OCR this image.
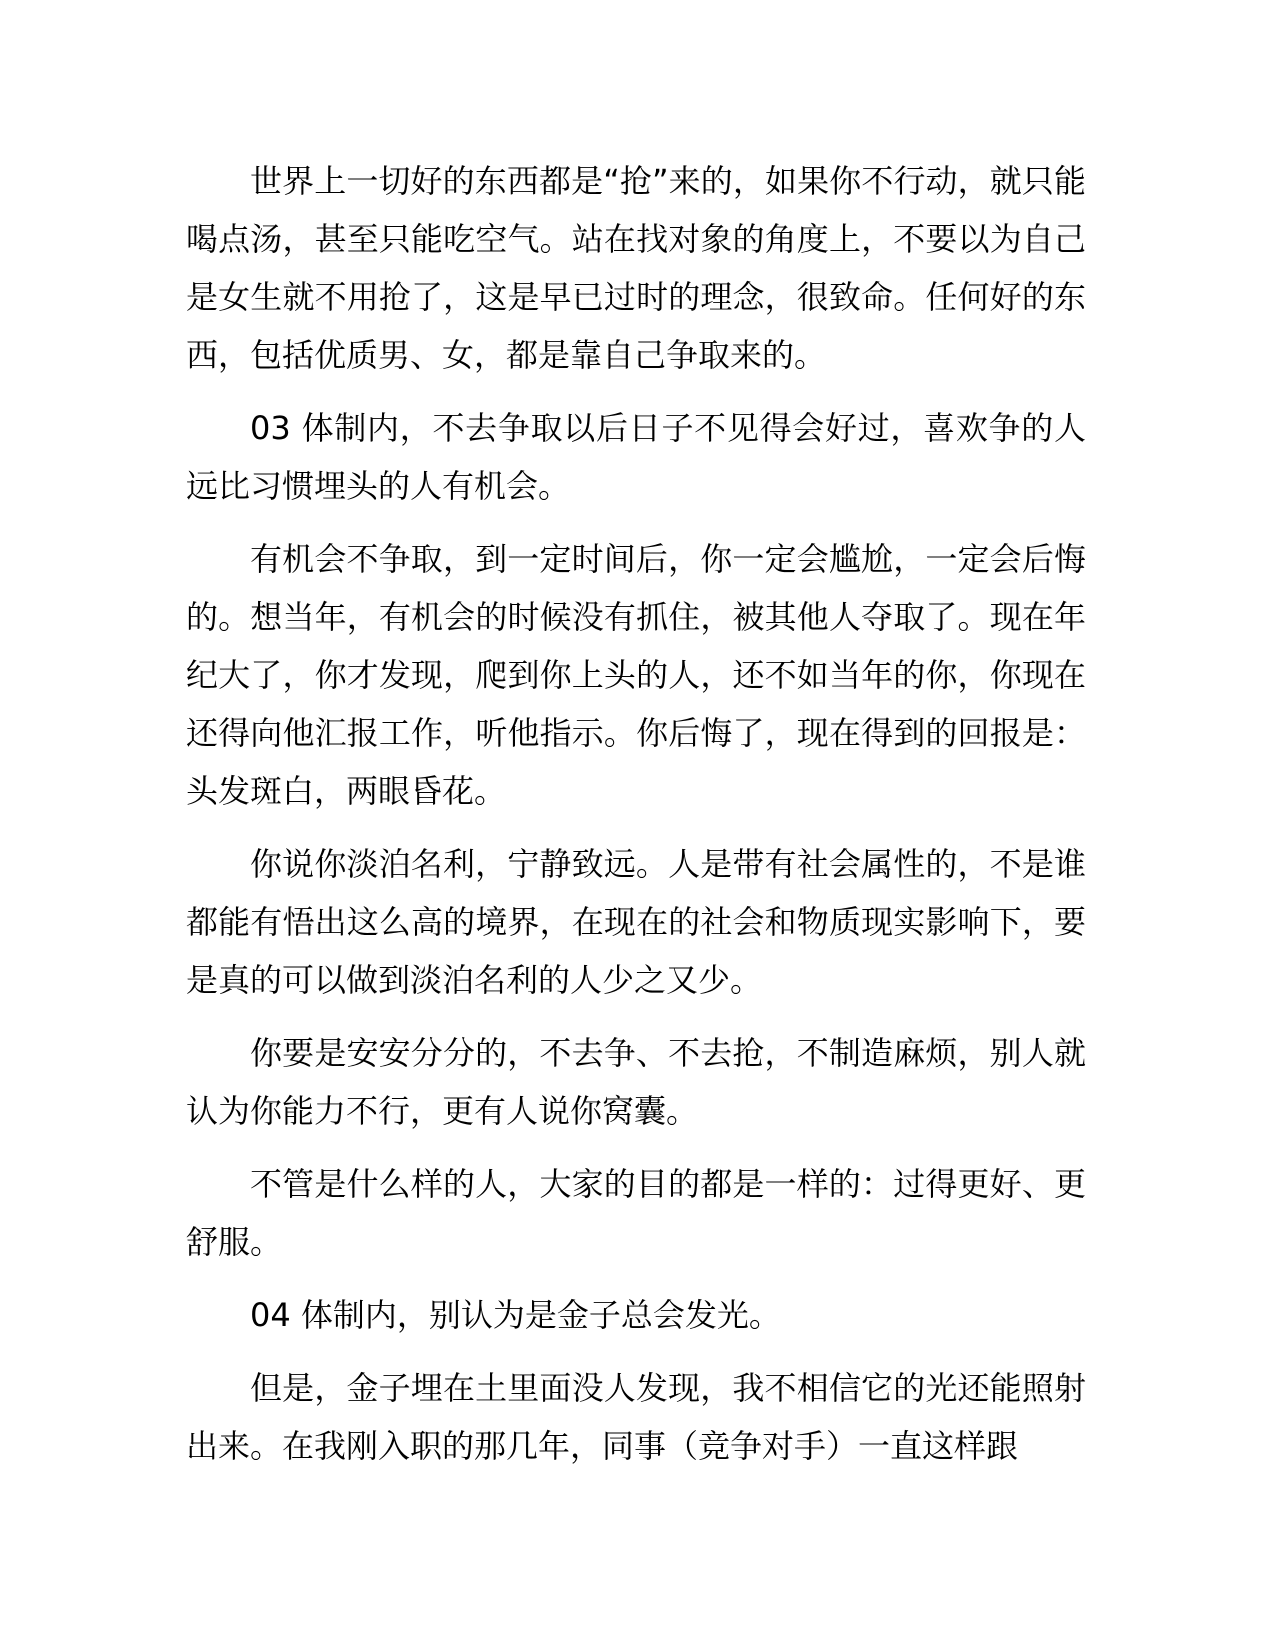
世界上一切好的东西都是“抢”来的，如果你不行动，就只能喝点汤，甚至只能吃空气。站在找对象的角度上，不要以为自己是女生就不用抢了，这是早已过时的理念，很致命。任何好的东西，包括优质男、女，都是靠自己争取来的。

03 体制内，不去争取以后日子不见得会好过，喜欢争的人远比习惯埋头的人有机会。

有机会不争取，到一定时间后，你一定会尴尬，一定会后悔的。想当年，有机会的时候没有抓住，被其他人夺取了。现在年纪大了，你才发现，爬到你上头的人，还不如当年的你，你现在还得向他汇报工作，听他指示。你后悔了，现在得到的回报是：头发斑白，两眼昏花。

你说你淡泊名利，宁静致远。人是带有社会属性的，不是谁都能有悟出这么高的境界，在现在的社会和物质现实影响下，要是真的可以做到淡泊名利的人少之又少。

你要是安安分分的，不去争、不去抢，不制造麻烦，别人就认为你能力不行，更有人说你窝囊。

不管是什么样的人，大家的目的都是一样的：过得更好、更舒服。

04 体制内，别认为是金子总会发光。

但是，金子埋在土里面没人发现，我不相信它的光还能照射出来。在我刚入职的那几年，同事（竞争对手）一直这样跟
